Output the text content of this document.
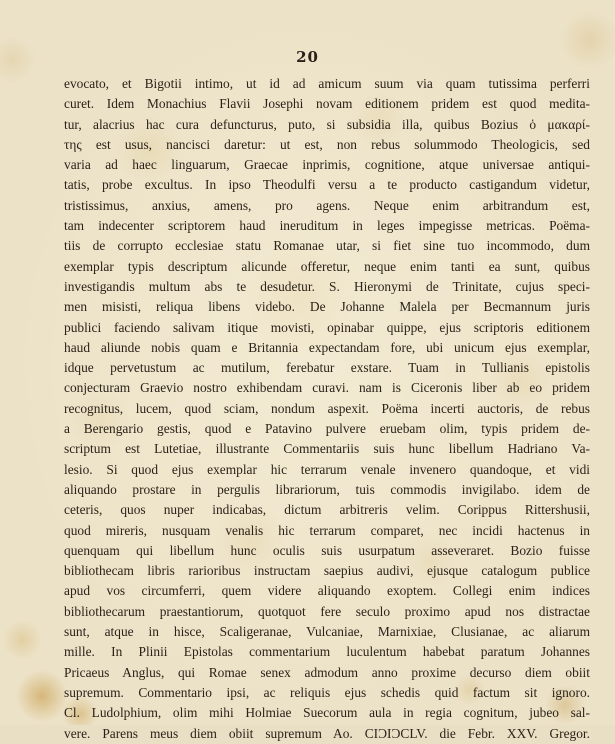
20
evocato, et Bigotii intimo, ut id ad amicum suum via quam tutissima perferri
curet. Idem Monachius Flavii Josephi novam editionem pridem est quod medita-
tur, alacrius hac cura defuncturus, puto, si subsidia illa, quibus Bozius ὁ μακαρί-
της est usus, nancisci daretur: ut est, non rebus solummodo Theologicis, sed
varia ad haec linguarum, Graecae inprimis, cognitione, atque universae antiqui-
tatis, probe excultus. In ipso Theodulfi versu a te producto castigandum videtur,
tristissimus, anxius, amens, pro agens. Neque enim arbitrandum est,
tam indecenter scriptorem haud ineruditum in leges impegisse metricas. Poëma-
tiis de corrupto ecclesiae statu Romanae utar, si fiet sine tuo incommodo, dum
exemplar typis descriptum alicunde offeretur, neque enim tanti ea sunt, quibus
investigandis multum abs te desudetur. S. Hieronymi de Trinitate, cujus speci-
men misisti, reliqua libens videbo. De Johanne Malela per Becmannum juris
publici faciendo salivam itique movisti, opinabar quippe, ejus scriptoris editionem
haud aliunde nobis quam e Britannia expectandam fore, ubi unicum ejus exemplar,
idque pervetustum ac mutilum, ferebatur exstare. Tuam in Tullianis epistolis
conjecturam Graevio nostro exhibendam curavi. nam is Ciceronis liber ab eo pridem
recognitus, lucem, quod sciam, nondum aspexit. Poëma incerti auctoris, de rebus
a Berengario gestis, quod e Patavino pulvere eruebam olim, typis pridem de-
scriptum est Lutetiae, illustrante Commentariis suis hunc libellum Hadriano Va-
lesio. Si quod ejus exemplar hic terrarum venale invenero quandoque, et vidi
aliquando prostare in pergulis librariorum, tuis commodis invigilabo. idem de
ceteris, quos nuper indicabas, dictum arbitreris velim. Corippus Rittershusii,
quod mireris, nusquam venalis hic terrarum comparet, nec incidi hactenus in
quenquam qui libellum hunc oculis suis usurpatum asseveraret. Bozio fuisse
bibliothecam libris rarioribus instructam saepius audivi, ejusque catalogum publice
apud vos circumferri, quem videre aliquando exoptem. Collegi enim indices
bibliothecarum praestantiorum, quotquot fere seculo proximo apud nos distractae
sunt, atque in hisce, Scaligeranae, Vulcaniae, Marnixiae, Clusianae, ac aliarum
mille. In Plinii Epistolas commentarium luculentum habebat paratum Johannes
Pricaeus Anglus, qui Romae senex admodum anno proxime decurso diem obiit
supremum. Commentario ipsi, ac reliquis ejus schedis quid factum sit ignoro.
Cl. Ludolphium, olim mihi Holmiae Suecorum aula in regia cognitum, jubeo sal-
vere. Parens meus diem obiit supremum Ao. CIƆIƆCLV. die Febr. XXV. Gregor.
